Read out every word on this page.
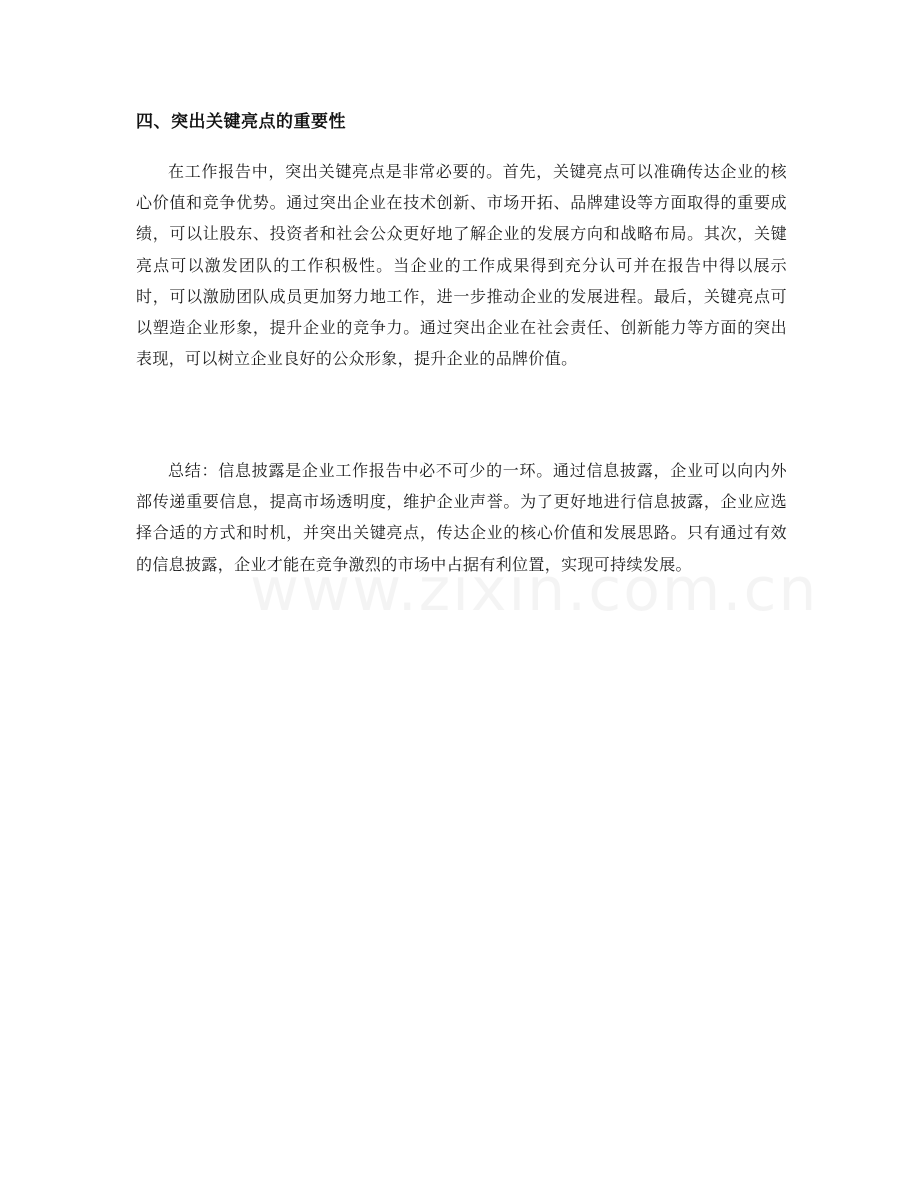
四、突出关键亮点的重要性

在工作报告中，突出关键亮点是非常必要的。首先，关键亮点可以准确传达企业的核心价值和竞争优势。通过突出企业在技术创新、市场开拓、品牌建设等方面取得的重要成绩，可以让股东、投资者和社会公众更好地了解企业的发展方向和战略布局。其次，关键亮点可以激发团队的工作积极性。当企业的工作成果得到充分认可并在报告中得以展示时，可以激励团队成员更加努力地工作，进一步推动企业的发展进程。最后，关键亮点可以塑造企业形象，提升企业的竞争力。通过突出企业在社会责任、创新能力等方面的突出表现，可以树立企业良好的公众形象，提升企业的品牌价值。

总结：信息披露是企业工作报告中必不可少的一环。通过信息披露，企业可以向内外部传递重要信息，提高市场透明度，维护企业声誉。为了更好地进行信息披露，企业应选择合适的方式和时机，并突出关键亮点，传达企业的核心价值和发展思路。只有通过有效的信息披露，企业才能在竞争激烈的市场中占据有利位置，实现可持续发展。
